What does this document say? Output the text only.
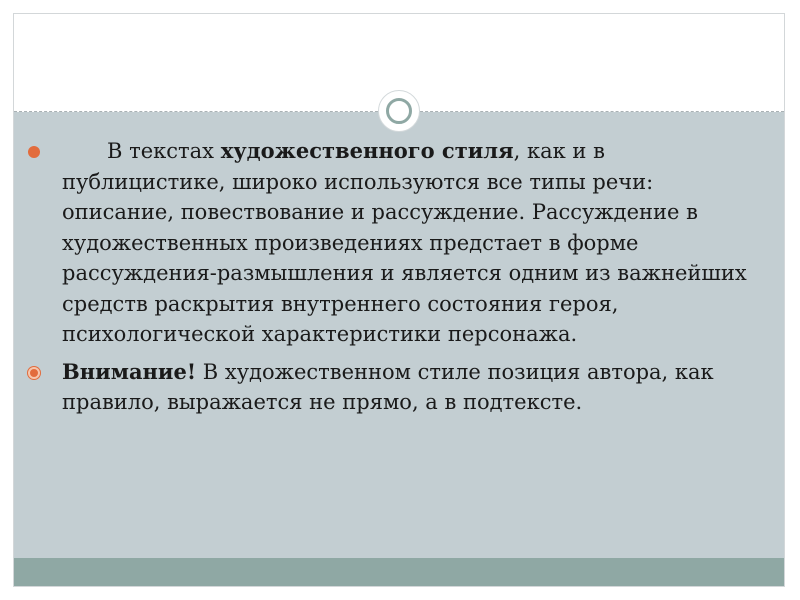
В текстах художественного стиля, как и в публицистике, широко используются все типы речи: описание, повествование и рассуждение. Рассуждение в художественных произведениях предстает в форме рассуждения-размышления и является одним из важнейших средств раскрытия внутреннего состояния героя, психологической характеристики персонажа.
Внимание! В художественном стиле позиция автора, как правило, выражается не прямо, а в подтексте.
